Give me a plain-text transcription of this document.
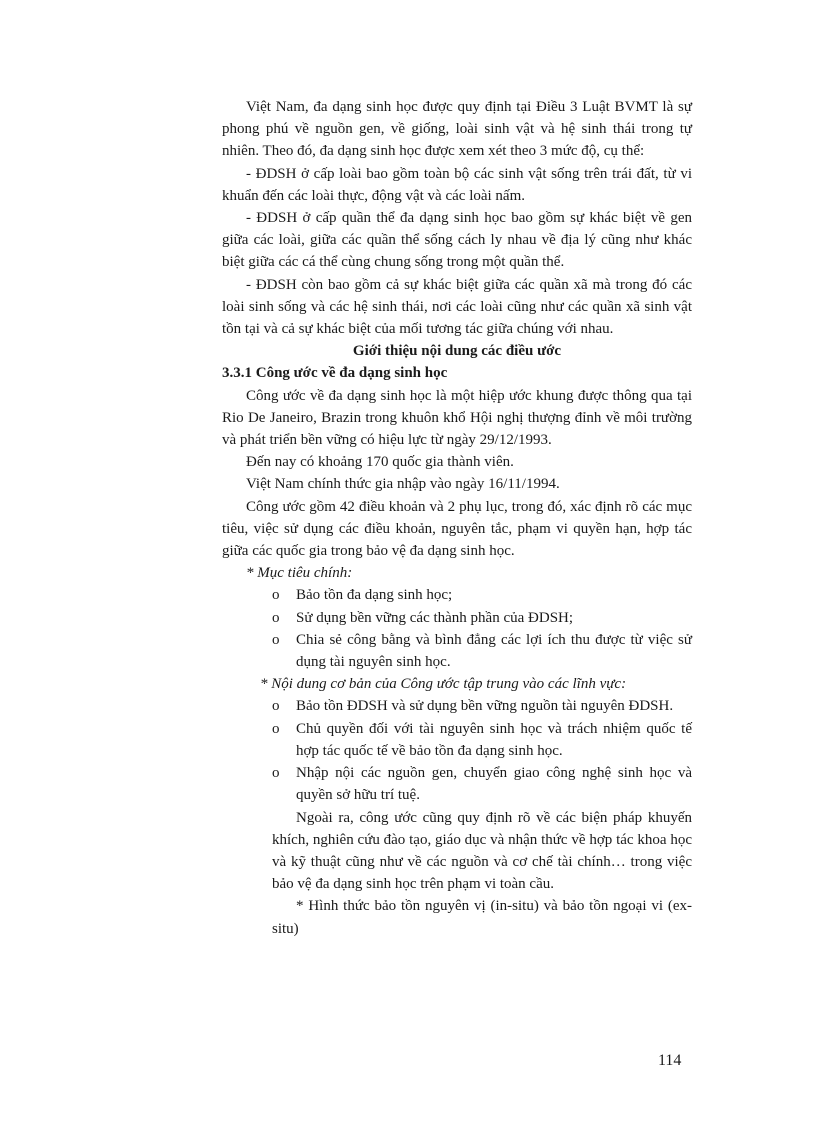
Việt Nam, đa dạng sinh học được quy định tại Điều 3 Luật BVMT là sự phong phú về nguồn gen, về giống, loài sinh vật và hệ sinh thái trong tự nhiên. Theo đó, đa dạng sinh học được xem xét theo 3 mức độ, cụ thể:

- ĐDSH ở cấp loài bao gồm toàn bộ các sinh vật sống trên trái đất, từ vi khuẩn đến các loài thực, động vật và các loài nấm.

- ĐDSH ở cấp quần thể đa dạng sinh học bao gồm sự khác biệt về gen giữa các loài, giữa các quần thể sống cách ly nhau về địa lý cũng như khác biệt giữa các cá thể cùng chung sống trong một quần thể.

- ĐDSH còn bao gồm cả sự khác biệt giữa các quần xã mà trong đó các loài sinh sống và các hệ sinh thái, nơi các loài cũng như các quần xã sinh vật tồn tại và cả sự khác biệt của mối tương tác giữa chúng với nhau.

Giới thiệu nội dung các điều ước

3.3.1 Công ước về đa dạng sinh học

Công ước về đa dạng sinh học là một hiệp ước khung được thông qua tại Rio De Janeiro, Brazin trong khuôn khổ Hội nghị thượng đỉnh về môi trường và phát triển bền vững có hiệu lực từ ngày 29/12/1993.

Đến nay có khoảng 170 quốc gia thành viên.

Việt Nam chính thức gia nhập vào ngày 16/11/1994.

Công ước gồm 42 điều khoản và 2 phụ lục, trong đó, xác định rõ các mục tiêu, việc sử dụng các điều khoản, nguyên tắc, phạm vi quyền hạn, hợp tác giữa các quốc gia trong bảo vệ đa dạng sinh học.

* Mục tiêu chính:

o Bảo tồn đa dạng sinh học;

o Sử dụng bền vững các thành phần của ĐDSH;

o Chia sẻ công bằng và bình đẳng các lợi ích thu được từ việc sử dụng tài nguyên sinh học.

* Nội dung cơ bản của Công ước tập trung vào các lĩnh vực:

o Bảo tồn ĐDSH và sử dụng bền vững nguồn tài nguyên ĐDSH.

o Chủ quyền đối với tài nguyên sinh học và trách nhiệm quốc tế hợp tác quốc tế về bảo tồn đa dạng sinh học.

o Nhập nội các nguồn gen, chuyển giao công nghệ sinh học và quyền sở hữu trí tuệ.

Ngoài ra, công ước cũng quy định rõ về các biện pháp khuyến khích, nghiên cứu đào tạo, giáo dục và nhận thức về hợp tác khoa học và kỹ thuật cũng như về các nguồn và cơ chế tài chính… trong việc bảo vệ đa dạng sinh học trên phạm vi toàn cầu.

* Hình thức bảo tồn nguyên vị (in-situ) và bảo tồn ngoại vi (ex-situ)

114
